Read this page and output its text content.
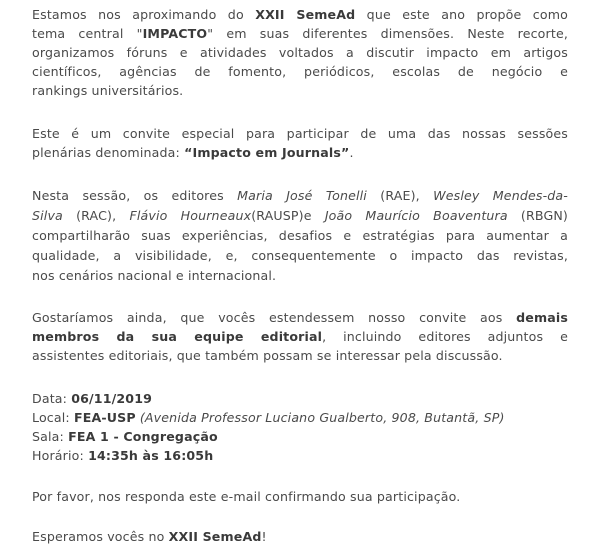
Estamos nos aproximando do XXII SemeAd que este ano propõe como
tema central "IMPACTO" em suas diferentes dimensões. Neste recorte,
organizamos fóruns e atividades voltados a discutir impacto em artigos
científicos, agências de fomento, periódicos, escolas de negócio e
rankings universitários.
Este é um convite especial para participar de uma das nossas sessões
plenárias denominada: “Impacto em Journals”.
Nesta sessão, os editores Maria José Tonelli (RAE), Wesley Mendes-da-
Silva (RAC), Flávio Hourneaux(RAUSP)e João Maurício Boaventura (RBGN)
compartilharão suas experiências, desafios e estratégias para aumentar a
qualidade, a visibilidade, e, consequentemente o impacto das revistas,
nos cenários nacional e internacional.
Gostaríamos ainda, que vocês estendessem nosso convite aos demais
membros da sua equipe editorial, incluindo editores adjuntos e
assistentes editoriais, que também possam se interessar pela discussão.
Data: 06/11/2019
Local: FEA-USP (Avenida Professor Luciano Gualberto, 908, Butantã, SP)
Sala: FEA 1 - Congregação
Horário: 14:35h às 16:05h
Por favor, nos responda este e-mail confirmando sua participação.
Esperamos vocês no XXII SemeAd!
